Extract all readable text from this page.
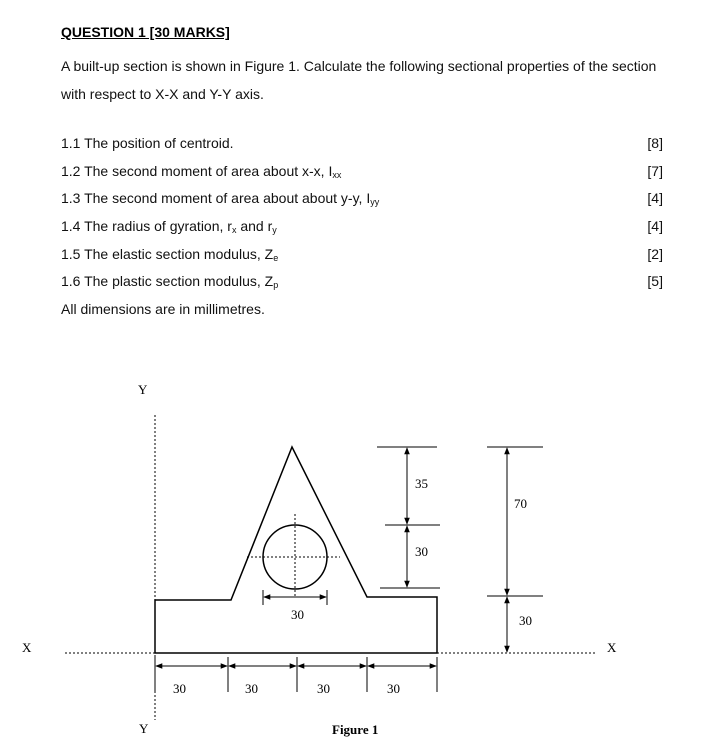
QUESTION 1 [30 MARKS]
A built-up section is shown in Figure 1. Calculate the following sectional properties of the section with respect to X-X and Y-Y axis.
1.1 The position of centroid.	[8]
1.2 The second moment of area about x-x, $I_{xx}$	[7]
1.3 The second moment of area about about y-y, $I_{yy}$	[4]
1.4 The radius of gyration, $r_x$ and $r_y$	[4]
1.5 The elastic section modulus, $Z_e$	[2]
1.6 The plastic section modulus, $Z_p$	[5]
All dimensions are in millimetres.
30
35
30
70
30
30	30	30	30
Y
Y
X	X
Figure 1
